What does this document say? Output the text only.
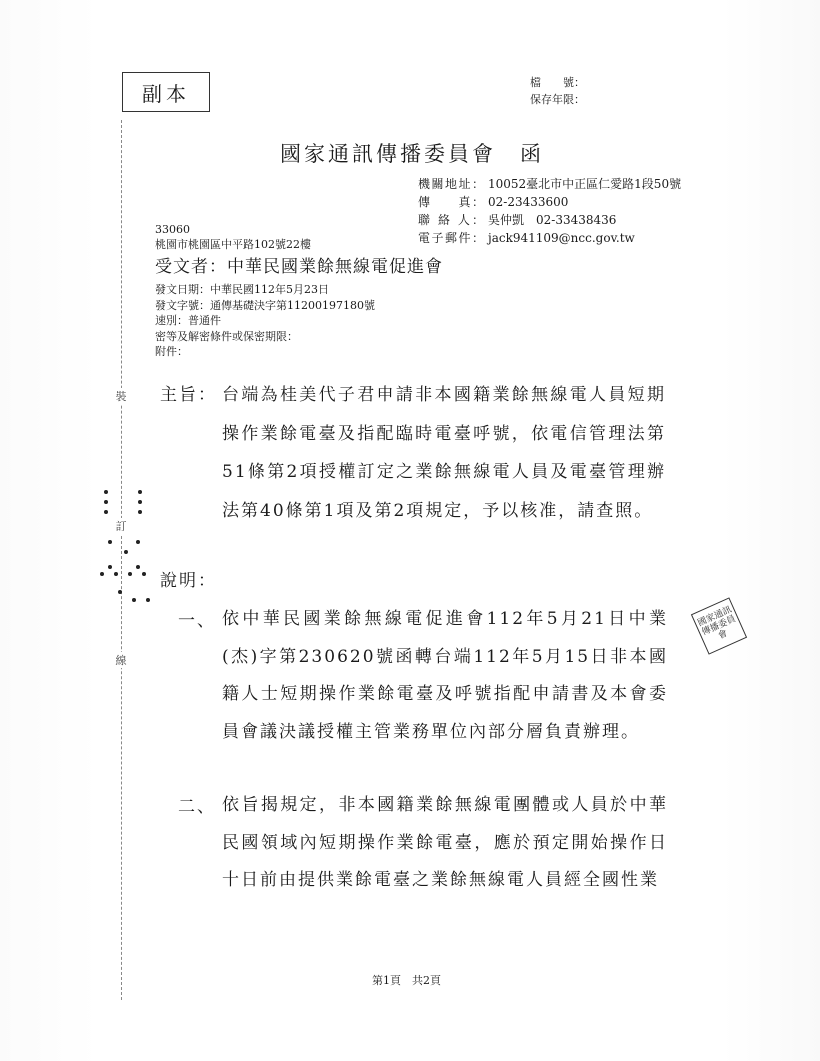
副本	檔　　號：
保存年限：
國家通訊傳播委員會　函
機關地址： 10052臺北市中正區仁愛路1段50號
傳　　真： 02-23433600
聯 絡 人： 吳仲凱　02-33438436
電子郵件： jack941109@ncc.gov.tw
33060
桃園市桃園區中平路102號22樓
受文者：中華民國業餘無線電促進會
發文日期：中華民國112年5月23日
發文字號：通傳基礎決字第11200197180號
速別：普通件
密等及解密條件或保密期限：
附件：
裝
訂
線
主旨： 台端為桂美代子君申請非本國籍業餘無線電人員短期操作業餘電臺及指配臨時電臺呼號，依電信管理法第51條第2項授權訂定之業餘無線電人員及電臺管理辦法第40條第1項及第2項規定，予以核准，請查照。
說明：
一、 依中華民國業餘無線電促進會112年5月21日中業(杰)字第230620號函轉台端112年5月15日非本國籍人士短期操作業餘電臺及呼號指配申請書及本會委員會議決議授權主管業務單位內部分層負責辦理。
二、 依旨揭規定，非本國籍業餘無線電團體或人員於中華民國領域內短期操作業餘電臺，應於預定開始操作日十日前由提供業餘電臺之業餘無線電人員經全國性業
國家通訊傳播委員會
第1頁　共2頁
